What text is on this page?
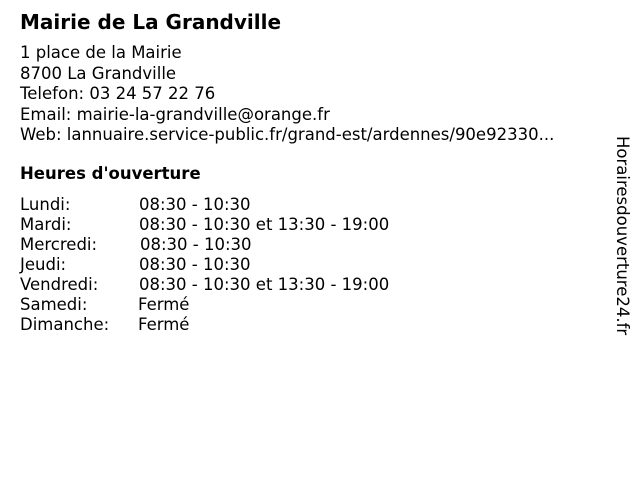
Mairie de La Grandville
1 place de la Mairie
8700 La Grandville
Telefon: 03 24 57 22 76
Email: mairie-la-grandville@orange.fr
Web: lannuaire.service-public.fr/grand-est/ardennes/90e92330...
Heures d'ouverture
Lundi:	08:30 - 10:30
Mardi:	08:30 - 10:30 et 13:30 - 19:00
Mercredi:	08:30 - 10:30
Jeudi:	08:30 - 10:30
Vendredi: 08:30 - 10:30 et 13:30 - 19:00
Samedi:	Fermé
Dimanche: Fermé	Horairesdouverture24.fr
